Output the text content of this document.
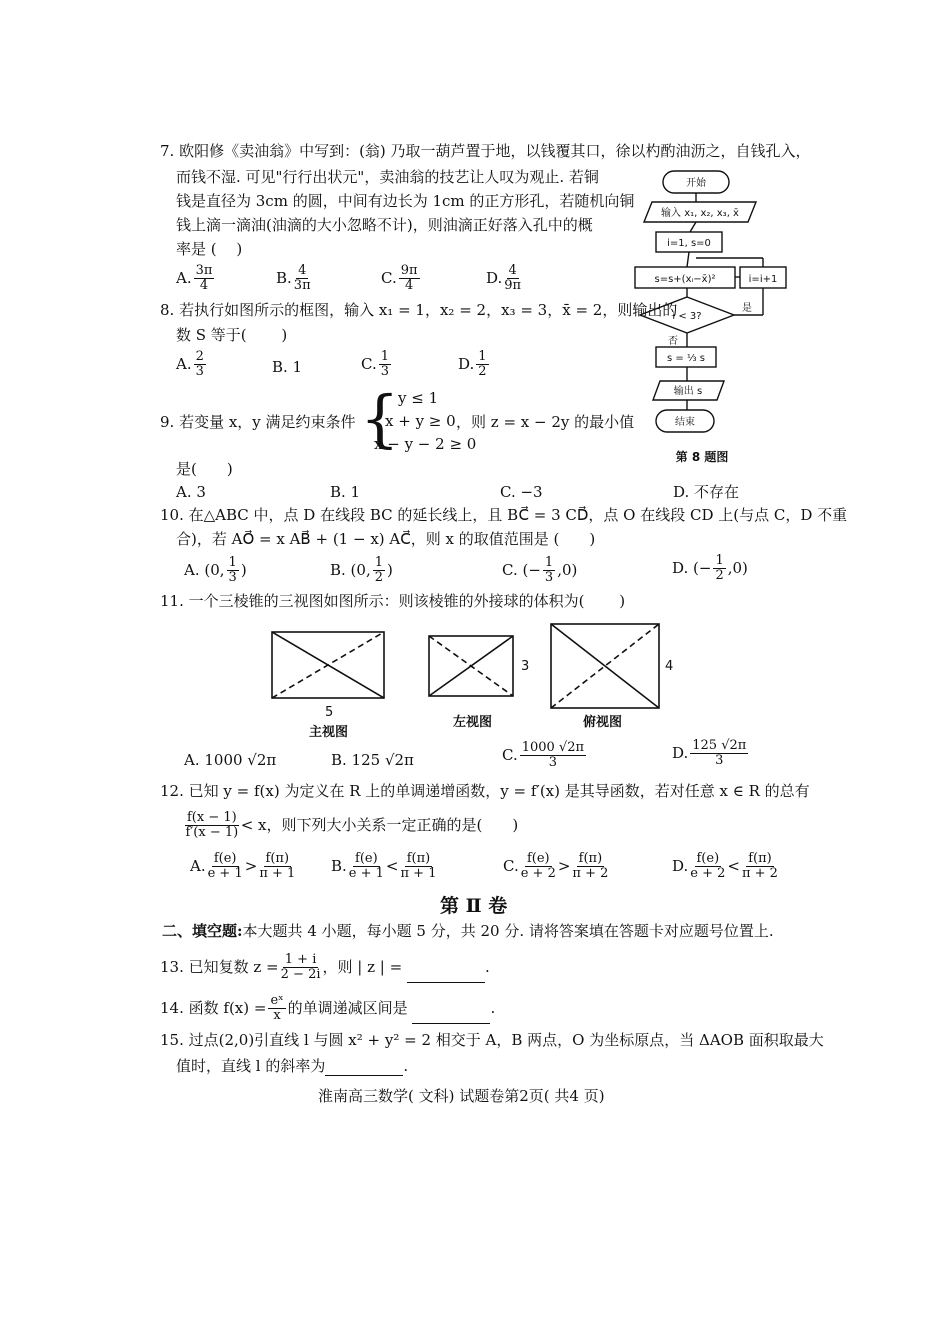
7. 欧阳修《卖油翁》中写到：(翁) 乃取一葫芦置于地，以钱覆其口，徐以杓酌油沥之，自钱孔入，
而钱不湿. 可见"行行出状元"，卖油翁的技艺让人叹为观止. 若铜
钱是直径为 3cm 的圆，中间有边长为 1cm 的正方形孔，若随机向铜
钱上滴一滴油(油滴的大小忽略不计)，则油滴正好落入孔中的概
率是 (　 )
A. $\frac{3\pi}{4}$	B. $\frac{4}{3\pi}$	C. $\frac{9\pi}{4}$	D. $\frac{4}{9\pi}$
8. 若执行如图所示的框图，输入 x₁ = 1，x₂ = 2，x₃ = 3，x̄ = 2，则输出的
数 S 等于(　 　)
A. $\frac{2}{3}$	B. 1	C. $\frac{1}{3}$	D. $\frac{1}{2}$
开始
输入 x₁, x₂, x₃, x̄
i=1, s=0
s=s+(xᵢ−x̄)²	i=i+1
i < 3?
是
否
s = ⅓ s
输出 s
结束
第 8 题图
9. 若变量 x，y 满足约束条件 {
y ≤ 1
x + y ≥ 0
x − y − 2 ≥ 0
，则 z = x − 2y 的最小值
是(　　)
A. 3	B. 1	C. −3	D. 不存在
10. 在△ABC 中，点 D 在线段 BC 的延长线上，且 BC⃗ = 3 CD⃗，点 O 在线段 CD 上(与点 C，D 不重
合)，若 AO⃗ = x AB⃗ + (1 − x) AC⃗，则 x 的取值范围是 (　　)
A. (0, $\frac{1}{3}$ )	B. (0, $\frac{1}{2}$ )	C. (− $\frac{1}{3} ,0$)	D. (− $\frac{1}{2} ,0$)
11. 一个三棱锥的三视图如图所示：则该棱锥的外接球的体积为(　　 )
5
3	4
主视图
左视图	俯视图
A. 1000 √2π	B. 125 √2π	C. $\frac{1000 √2\pi}{3}$	D. $\frac{125 √2\pi}{3}$
12. 已知 y = f(x) 为定义在 R 上的单调递增函数，y = f′(x) 是其导函数，若对任意 x ∈ R 的总有
$\frac{f(x - 1)}{f'(x - 1)} < x$，则下列大小关系一定正确的是(　　)
A. $\frac{f(e)}{e + 1} > \frac{f(\pi)}{\pi + 1} B$. $\frac{f(e)}{e + 1} < \frac{f(\pi)}{\pi + 1}$	C. $\frac{f(e)}{e + 2} > \frac{f(\pi)}{\pi + 2}$	D. $\frac{f(e)}{e + 2} < \frac{f(\pi)}{\pi + 2}$
第 Ⅱ 卷
二、填空题:本大题共 4 小题，每小题 5 分，共 20 分. 请将答案填在答题卡对应题号位置上.
13. 已知复数 $z = \frac{1 + i}{2 - 2i}$ ，则 | z | =	.
14. 函数 $f(x) = \frac{\text{eˣ}}{x}$ 的单调递减区间是	.
15. 过点(2,0)引直线 l 与圆 x² + y² = 2 相交于 A，B 两点，O 为坐标原点，当 ΔAOB 面积取最大
值时，直线 l 的斜率为	.
淮南高三数学( 文科) 试题卷第2页( 共4 页)
